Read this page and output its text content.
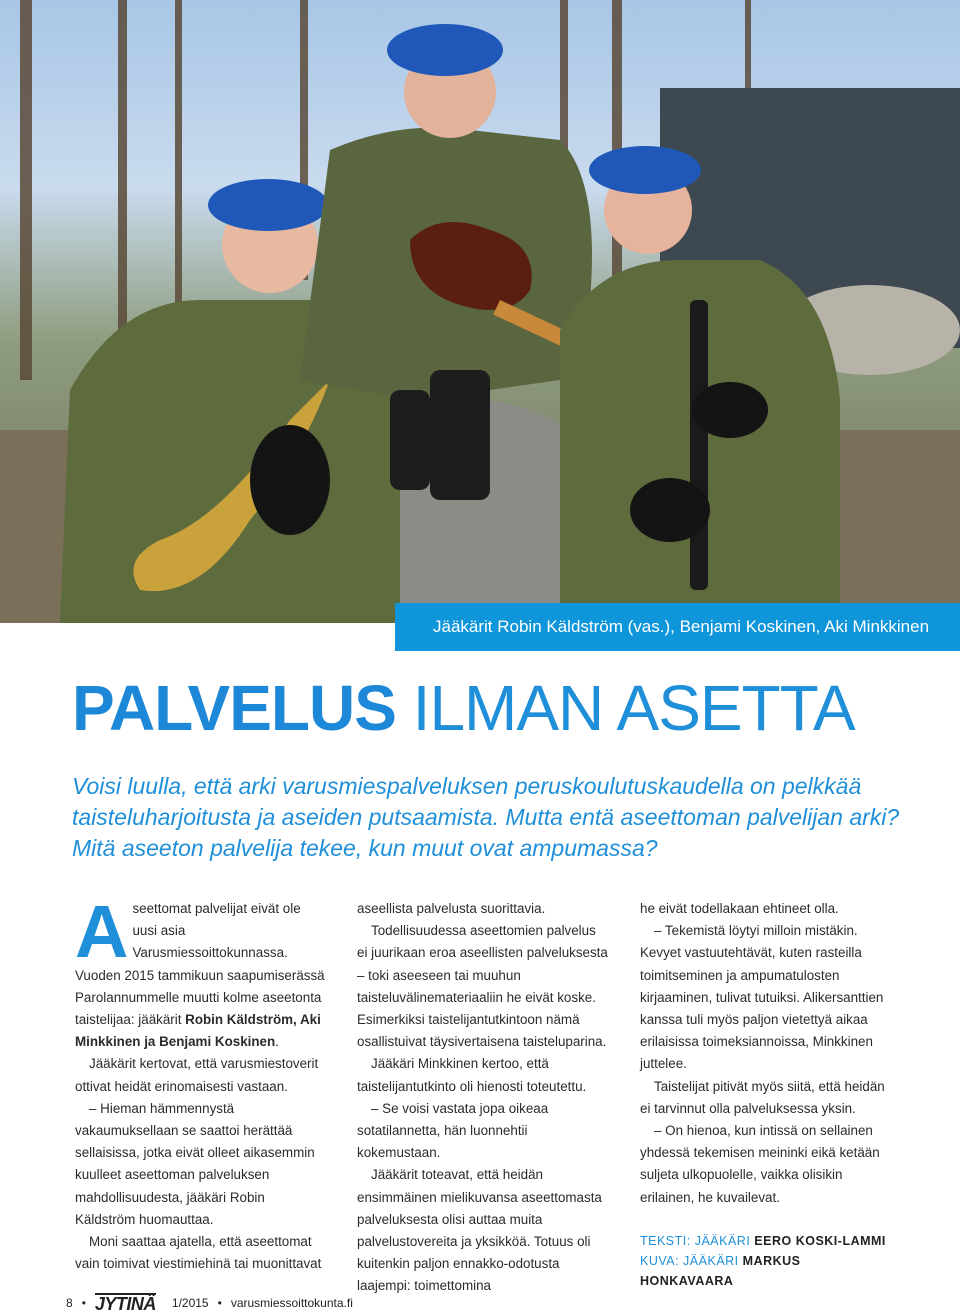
Jääkärit Robin Käldström (vas.), Benjami Koskinen, Aki Minkkinen
PALVELUS ILMAN ASETTA

Voisi luulla, että arki varusmiespalveluksen peruskoulutuskaudella on pelkkää taisteluharjoitusta ja aseiden putsaamista. Mutta entä aseettoman palvelijan arki? Mitä aseeton palvelija tekee, kun muut ovat ampumassa?

Aseettomat palvelijat eivät ole uusi asia Varusmiessoittokunnassa. Vuoden 2015 tammikuun saapumiserässä Parolannummelle muutti kolme aseetonta taistelijaa: jääkärit Robin Käldström, Aki Minkkinen ja Benjami Koskinen.

Jääkärit kertovat, että varusmiestoverit ottivat heidät erinomaisesti vastaan.

– Hieman hämmennystä vakaumuksellaan se saattoi herättää sellaisissa, jotka eivät olleet aikasemmin kuulleet aseettoman palveluksen mahdollisuudesta, jääkäri Robin Käldström huomauttaa.

Moni saattaa ajatella, että aseettomat vain toimivat viestimiehinä tai muonittavat

aseellista palvelusta suorittavia.

Todellisuudessa aseettomien palvelus ei juurikaan eroa aseellisten palveluksesta – toki aseeseen tai muuhun taisteluvälinemateriaaliin he eivät koske. Esimerkiksi taistelijantutkintoon nämä osallistuivat täysivertaisena taisteluparina.

Jääkäri Minkkinen kertoo, että taistelijantutkinto oli hienosti toteutettu.

– Se voisi vastata jopa oikeaa sotatilannetta, hän luonnehtii kokemustaan.

Jääkärit toteavat, että heidän ensimmäinen mielikuvansa aseettomasta palveluksesta olisi auttaa muita palvelustovereita ja yksikköä. Totuus oli kuitenkin paljon ennakko-odotusta laajempi: toimettomina

he eivät todellakaan ehtineet olla.

– Tekemistä löytyi milloin mistäkin. Kevyet vastuutehtävät, kuten rasteilla toimitseminen ja ampumatulosten kirjaaminen, tulivat tutuiksi. Alikersanttien kanssa tuli myös paljon vietettyä aikaa erilaisissa toimeksiannoissa, Minkkinen juttelee.

Taistelijat pitivät myös siitä, että heidän ei tarvinnut olla palveluksessa yksin.

– On hienoa, kun intissä on sellainen yhdessä tekemisen meininki eikä ketään suljeta ulkopuolelle, vaikka olisikin erilainen, he kuvailevat.

TEKSTI: JÄÄKÄRI EERO KOSKI-LAMMI
KUVA: JÄÄKÄRI MARKUS HONKAVAARA
8 • JYTINÄ 1/2015 • varusmiessoittokunta.fi
